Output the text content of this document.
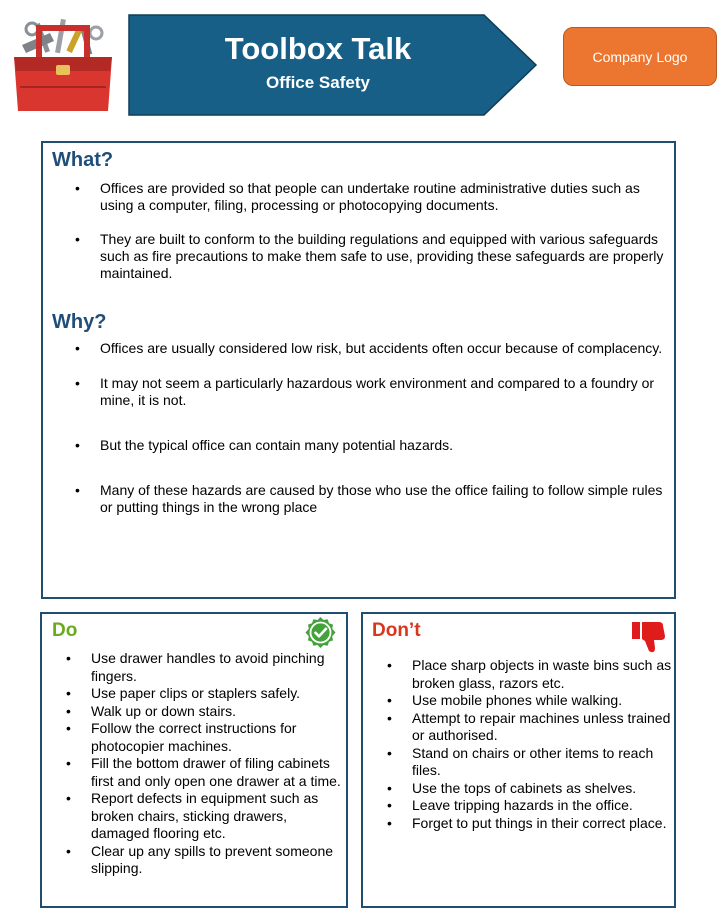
Toolbox Talk
Office Safety
Company Logo
What?
• Offices are provided so that people can undertake routine administrative duties such as using a computer, filing, processing or photocopying documents.
• They are built to conform to the building regulations and equipped with various safeguards such as fire precautions to make them safe to use, providing these safeguards are properly maintained.
Why?
• Offices are usually considered low risk, but accidents often occur because of complacency.
• It may not seem a particularly hazardous work environment and compared to a foundry or mine, it is not.
• But the typical office can contain many potential hazards.
• Many of these hazards are caused by those who use the office failing to follow simple rules or putting things in the wrong place
Do
• Use drawer handles to avoid pinching fingers.
• Use paper clips or staplers safely.
• Walk up or down stairs.
• Follow the correct instructions for photocopier machines.
• Fill the bottom drawer of filing cabinets first and only open one drawer at a time.
• Report defects in equipment such as broken chairs, sticking drawers, damaged flooring etc.
• Clear up any spills to prevent someone slipping.
Don’t
• Place sharp objects in waste bins such as broken glass, razors etc.
• Use mobile phones while walking.
• Attempt to repair machines unless trained or authorised.
• Stand on chairs or other items to reach files.
• Use the tops of cabinets as shelves.
• Leave tripping hazards in the office.
• Forget to put things in their correct place.
